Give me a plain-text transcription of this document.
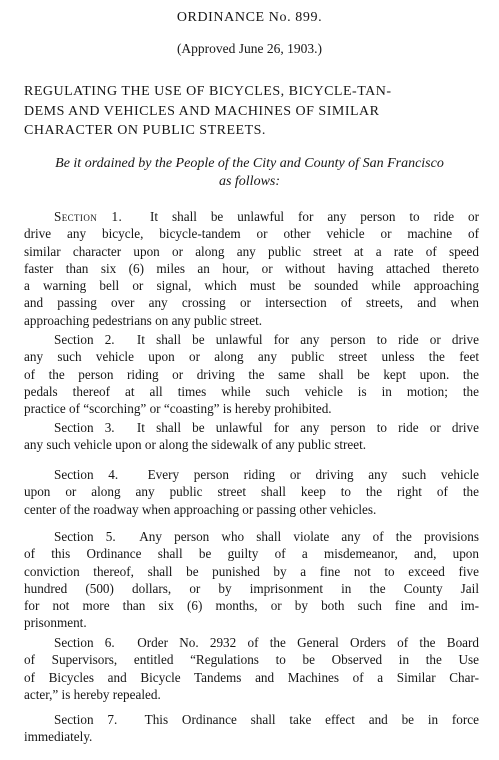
ORDINANCE No. 899.
(Approved June 26, 1903.)
REGULATING THE USE OF BICYCLES, BICYCLE-TAN-
DEMS AND VEHICLES AND MACHINES OF SIMILAR
CHARACTER ON PUBLIC STREETS.
Be it ordained by the People of the City and County of San Francisco
as follows:
Section 1. It shall be unlawful for any person to ride or
drive any bicycle, bicycle-tandem or other vehicle or machine of
similar character upon or along any public street at a rate of speed
faster than six (6) miles an hour, or without having attached thereto
a warning bell or signal, which must be sounded while approaching
and passing over any crossing or intersection of streets, and when
approaching pedestrians on any public street.
Section 2. It shall be unlawful for any person to ride or drive
any such vehicle upon or along any public street unless the feet
of the person riding or driving the same shall be kept upon. the
pedals thereof at all times while such vehicle is in motion; the
practice of “scorching” or “coasting” is hereby prohibited.
Section 3. It shall be unlawful for any person to ride or drive
any such vehicle upon or along the sidewalk of any public street.
Section 4. Every person riding or driving any such vehicle
upon or along any public street shall keep to the right of the
center of the roadway when approaching or passing other vehicles.
Section 5. Any person who shall violate any of the provisions
of this Ordinance shall be guilty of a misdemeanor, and, upon
conviction thereof, shall be punished by a fine not to exceed five
hundred (500) dollars, or by imprisonment in the County Jail
for not more than six (6) months, or by both such fine and im-
prisonment.
Section 6. Order No. 2932 of the General Orders of the Board
of Supervisors, entitled “Regulations to be Observed in the Use
of Bicycles and Bicycle Tandems and Machines of a Similar Char-
acter,” is hereby repealed.
Section 7. This Ordinance shall take effect and be in force
immediately.
